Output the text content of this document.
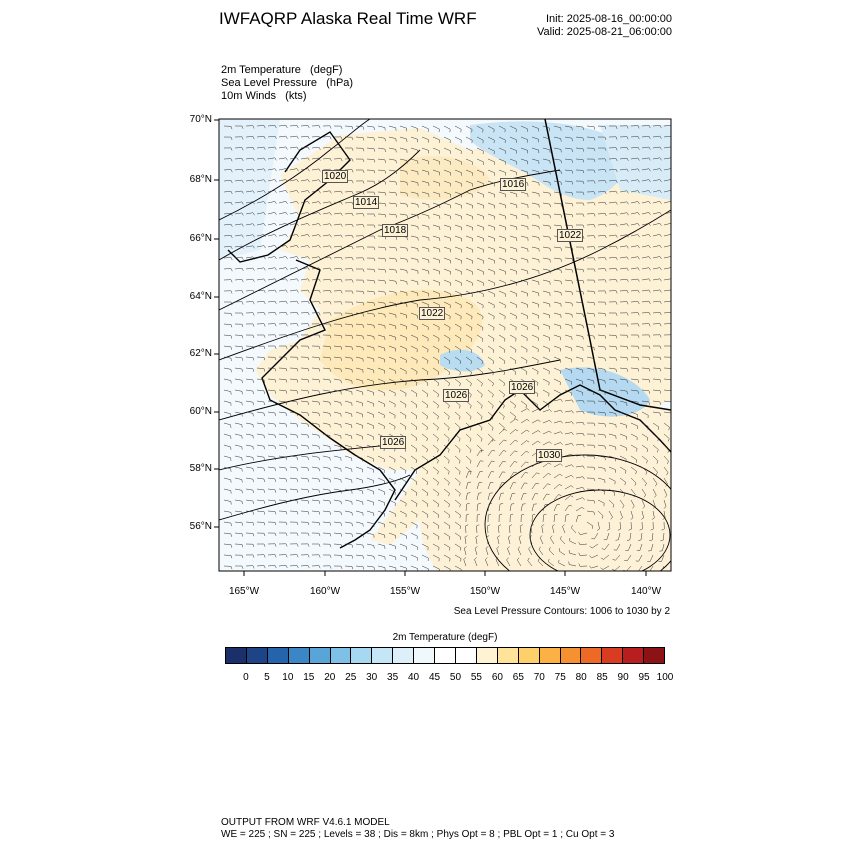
IWFAQRP Alaska Real Time WRF	Init: 2025-08-16_00:00:00
Valid: 2025-08-21_06:00:00
2m Temperature   (degF)
Sea Level Pressure   (hPa)
10m Winds   (kts)
1020
1014
1018
1016
1022
1022
1026
1026
1026
1030
70°N
68°N
66°N
64°N
62°N
60°N
58°N
56°N
165°W	160°W	155°W	150°W	145°W	140°W
Sea Level Pressure Contours: 1006 to 1030 by 2
2m Temperature (degF)
0	5	10 15 20 25 30 35 40 45 50 55 60 65 70 75 80 85 90 95 100
OUTPUT FROM WRF V4.6.1 MODEL
WE = 225 ; SN = 225 ; Levels = 38 ; Dis = 8km ; Phys Opt = 8 ; PBL Opt = 1 ; Cu Opt = 3
